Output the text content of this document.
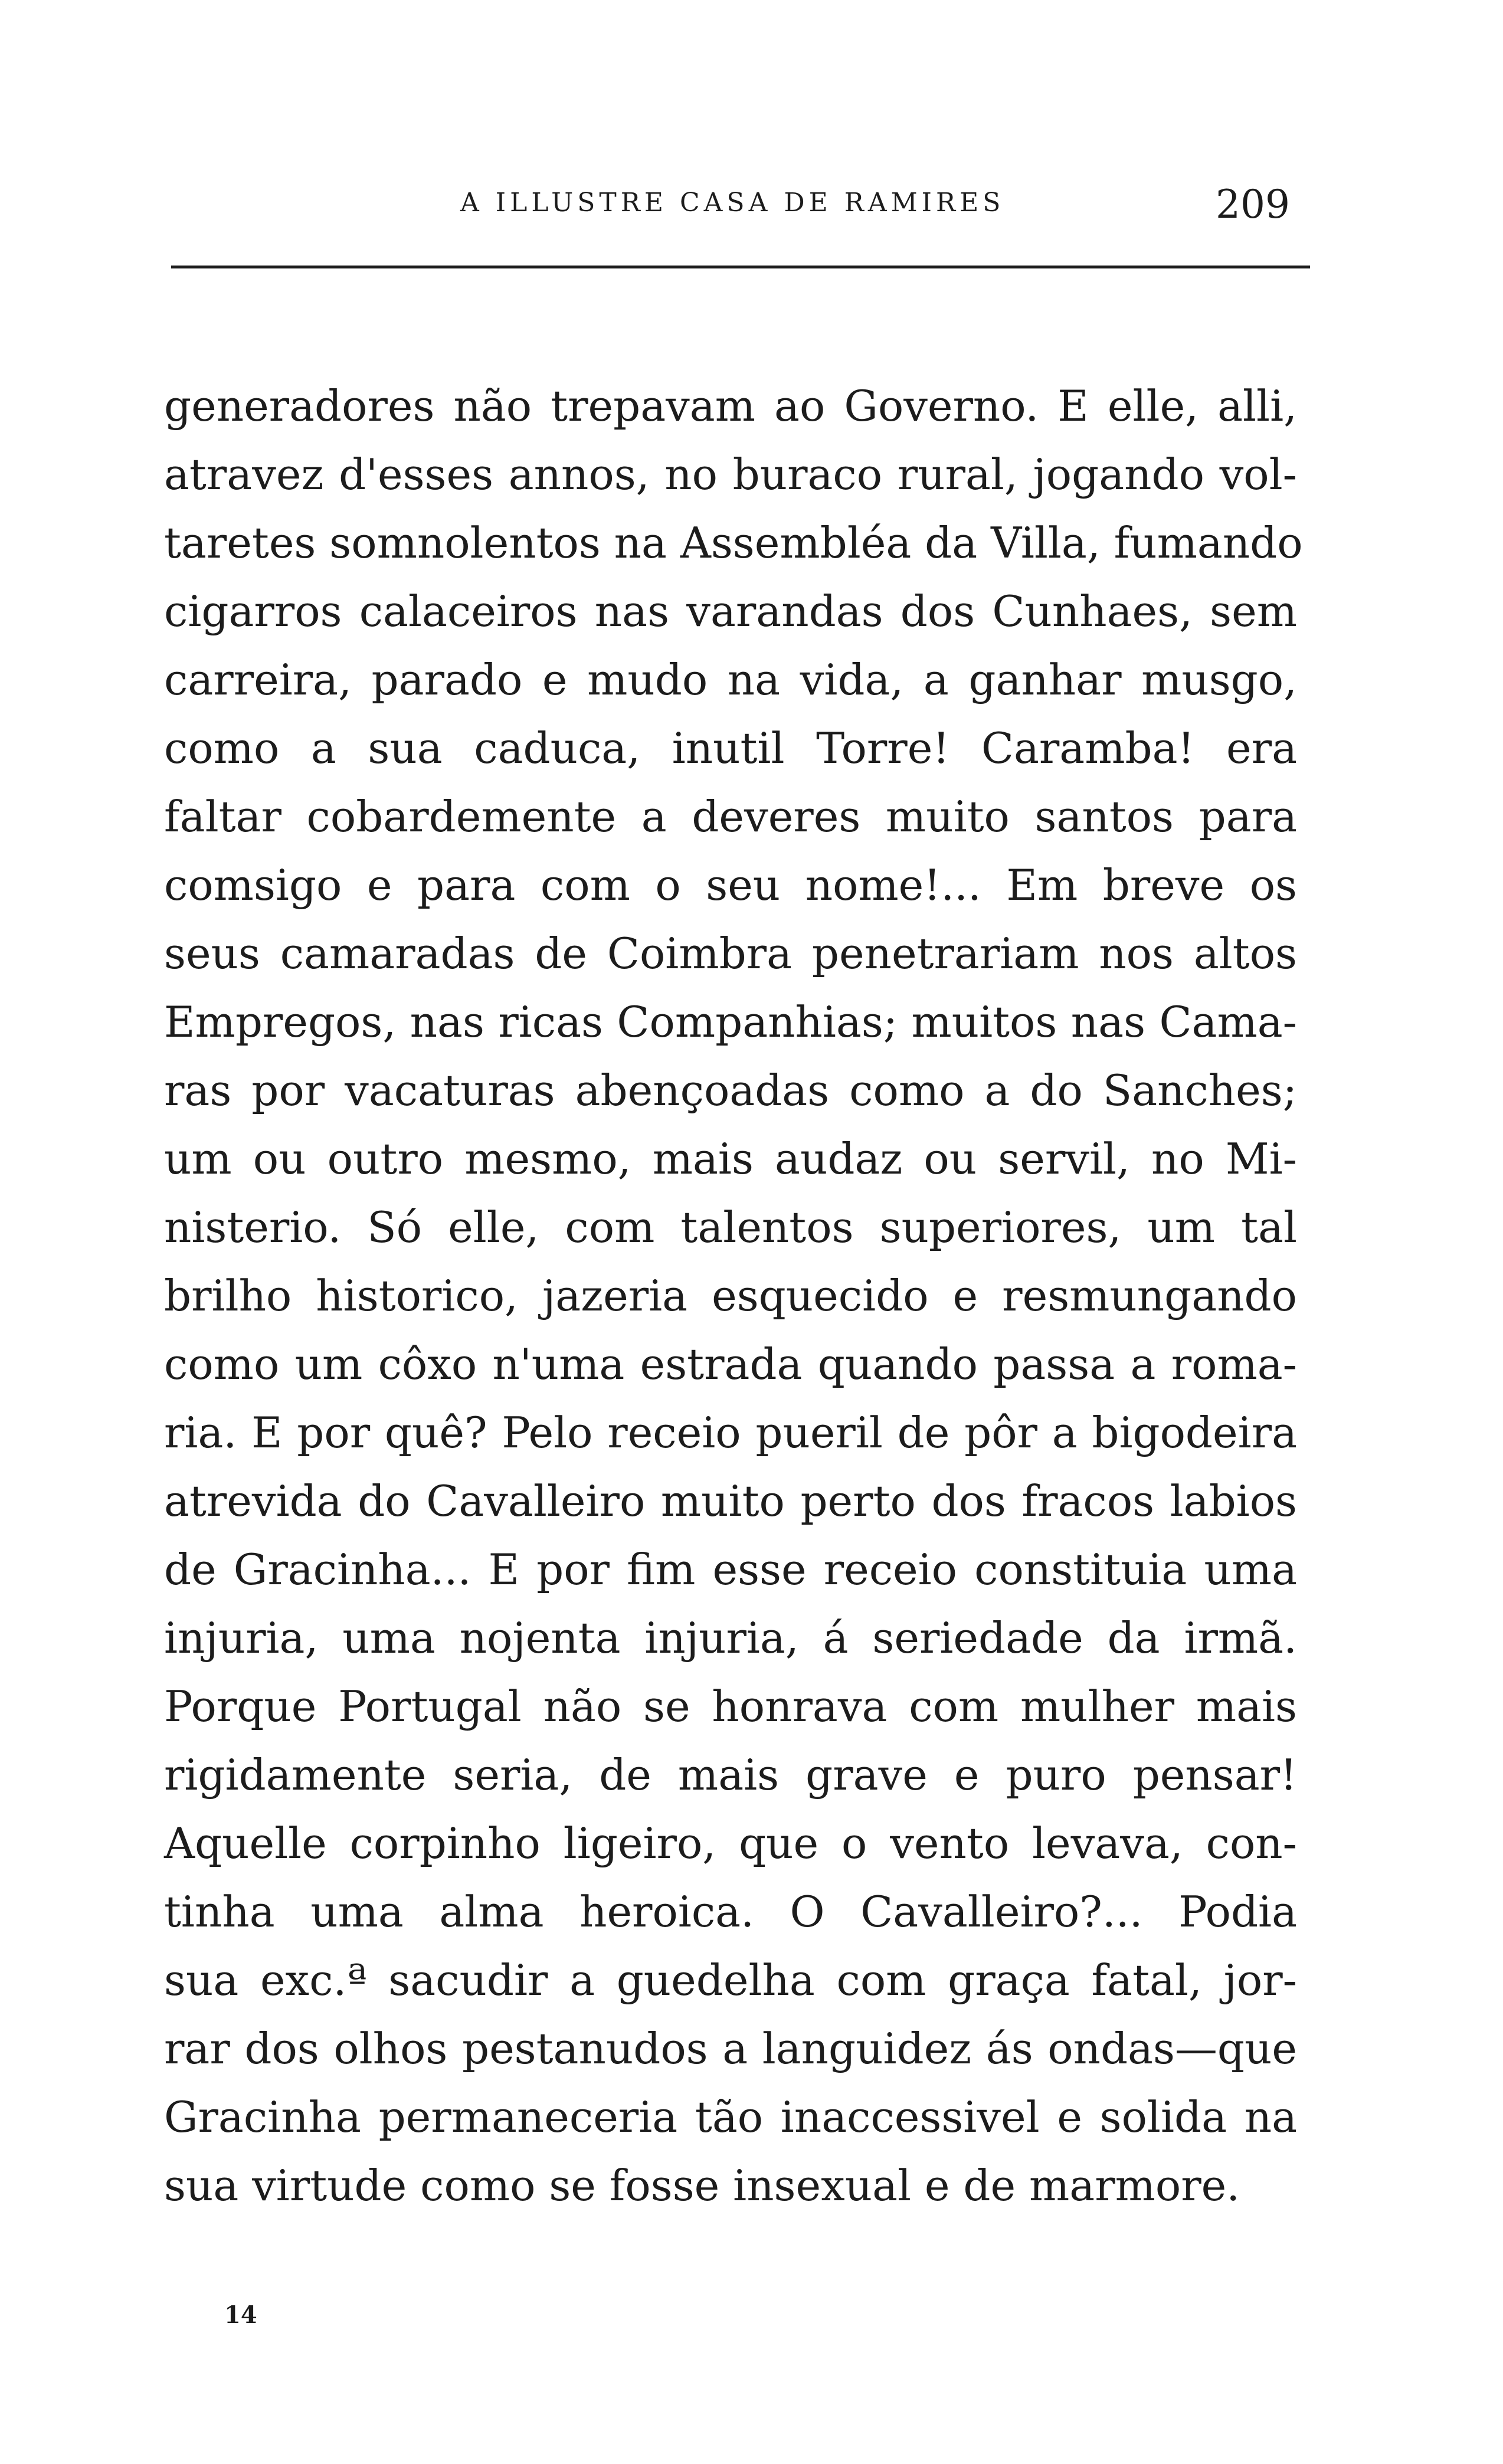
A ILLUSTRE CASA DE RAMIRES	209
generadores não trepavam ao Governo. E elle, alli,
atravez d'esses annos, no buraco rural, jogando vol-
taretes somnolentos na Assembléa da Villa, fumando
cigarros calaceiros nas varandas dos Cunhaes, sem
carreira, parado e mudo na vida, a ganhar musgo,
como a sua caduca, inutil Torre! Caramba! era
faltar cobardemente a deveres muito santos para
comsigo e para com o seu nome!... Em breve os
seus camaradas de Coimbra penetrariam nos altos
Empregos, nas ricas Companhias; muitos nas Cama-
ras por vacaturas abençoadas como a do Sanches;
um ou outro mesmo, mais audaz ou servil, no Mi-
nisterio. Só elle, com talentos superiores, um tal
brilho historico, jazeria esquecido e resmungando
como um côxo n'uma estrada quando passa a roma-
ria. E por quê? Pelo receio pueril de pôr a bigodeira
atrevida do Cavalleiro muito perto dos fracos labios
de Gracinha... E por fim esse receio constituia uma
injuria, uma nojenta injuria, á seriedade da irmã.
Porque Portugal não se honrava com mulher mais
rigidamente seria, de mais grave e puro pensar!
Aquelle corpinho ligeiro, que o vento levava, con-
tinha uma alma heroica. O Cavalleiro?... Podia
sua exc.ª sacudir a guedelha com graça fatal, jor-
rar dos olhos pestanudos a languidez ás ondas—que
Gracinha permaneceria tão inaccessivel e solida na
sua virtude como se fosse insexual e de marmore.
14
